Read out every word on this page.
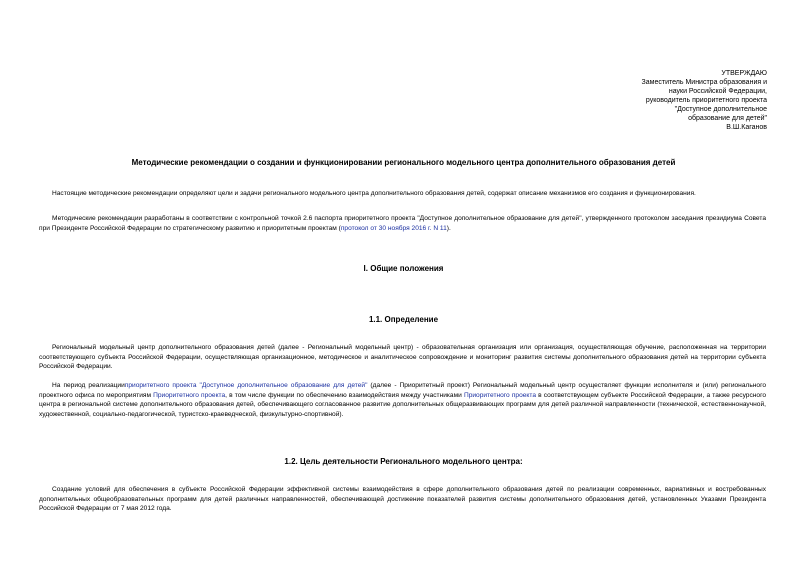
УТВЕРЖДАЮ
Заместитель Министра образования и
науки Российской Федерации,
руководитель приоритетного проекта
"Доступное дополнительное
образование для детей"
В.Ш.Каганов
Методические рекомендации о создании и функционировании регионального модельного центра дополнительного образования детей
Настоящие методические рекомендации определяют цели и задачи регионального модельного центра дополнительного образования детей, содержат описание механизмов его создания и функционирования.
Методические рекомендации разработаны в соответствии с контрольной точкой 2.6 паспорта приоритетного проекта "Доступное дополнительное образование для детей", утвержденного протоколом заседания президиума Совета при Президенте Российской Федерации по стратегическому развитию и приоритетным проектам (протокол от 30 ноября 2016 г. N 11).
I. Общие положения
1.1. Определение
Региональный модельный центр дополнительного образования детей (далее - Региональный модельный центр) - образовательная организация или организация, осуществляющая обучение, расположенная на территории соответствующего субъекта Российской Федерации, осуществляющая организационное, методическое и аналитическое сопровождение и мониторинг развития системы дополнительного образования детей на территории субъекта Российской Федерации.
На период реализацииприоритетного проекта "Доступное дополнительное образование для детей" (далее - Приоритетный проект) Региональный модельный центр осуществляет функции исполнителя и (или) регионального проектного офиса по мероприятиям Приоритетного проекта, в том числе функции по обеспечению взаимодействия между участниками Приоритетного проекта в соответствующем субъекте Российской Федерации, а также ресурсного центра в региональной системе дополнительного образования детей, обеспечивающего согласованное развитие дополнительных общеразвивающих программ для детей различной направленности (технической, естественнонаучной, художественной, социально-педагогической, туристско-краеведческой, физкультурно-спортивной).
1.2. Цель деятельности Регионального модельного центра:
Создание условий для обеспечения в субъекте Российской Федерации эффективной системы взаимодействия в сфере дополнительного образования детей по реализации современных, вариативных и востребованных дополнительных общеобразовательных программ для детей различных направленностей, обеспечивающей достижение показателей развития системы дополнительного образования детей, установленных Указами Президента Российской Федерации от 7 мая 2012 года.
